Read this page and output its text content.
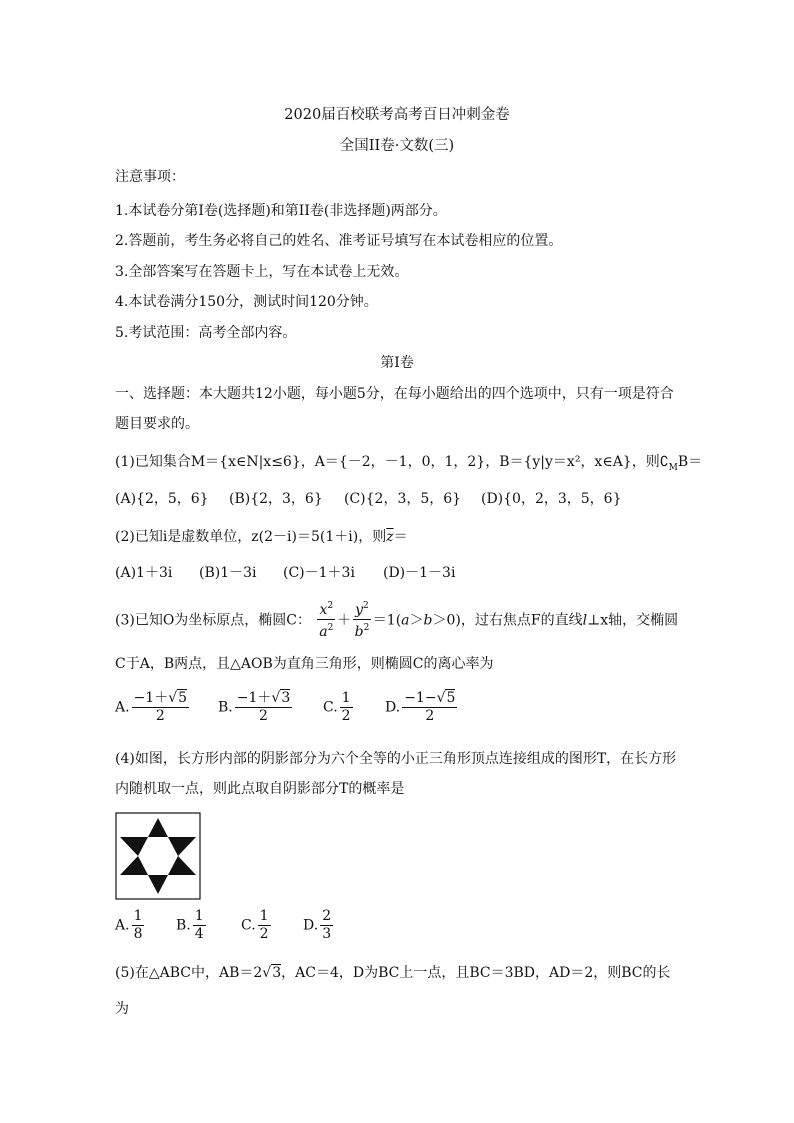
2020届百校联考高考百日冲刺金卷
全国II卷·文数(三)
注意事项：
1.本试卷分第I卷(选择题)和第II卷(非选择题)两部分。
2.答题前，考生务必将自己的姓名、准考证号填写在本试卷相应的位置。
3.全部答案写在答题卡上，写在本试卷上无效。
4.本试卷满分150分，测试时间120分钟。
5.考试范围：高考全部内容。
第I卷
一、选择题：本大题共12小题，每小题5分，在每小题给出的四个选项中，只有一项是符合
题目要求的。
(1)已知集合M＝{x∈N|x≤6}，A＝{－2，－1，0，1，2}，B＝{y|y＝x²，x∈A}，则$∁_MB=$
(A){2，5，6} (B){2，3，6} (C){2，3，5，6} (D){0，2，3，5，6}
(2)已知i是虚数单位，z(2－i)＝5(1＋i)，则$\overline{z}=$
(A)1＋3i (B)1－3i (C)－1＋3i (D)－1－3i
(3)已知O为坐标原点，椭圆C： $\frac{x^2}{a^2} + \frac{y^2}{b^2} =1(a>b>0)$，过右焦点F的直线l⊥x轴，交椭圆
C于A，B两点，且△AOB为直角三角形，则椭圆C的离心率为
A. $\frac{-1+√5}{2} B$. $\frac{-1+√3}{2} C$. $\frac{1}{2} D$. $\frac{-1-√5}{2}$
(4)如图，长方形内部的阴影部分为六个全等的小正三角形顶点连接组成的图形T，在长方形
内随机取一点，则此点取自阴影部分T的概率是
A. $\frac{1}{8} B$. $\frac{1}{4}$	C. $\frac{1}{2} D$. $\frac{2}{3}$
(5)在△ABC中，AB＝2√3，AC＝4，D为BC上一点，且BC＝3BD，AD＝2，则BC的长
为
